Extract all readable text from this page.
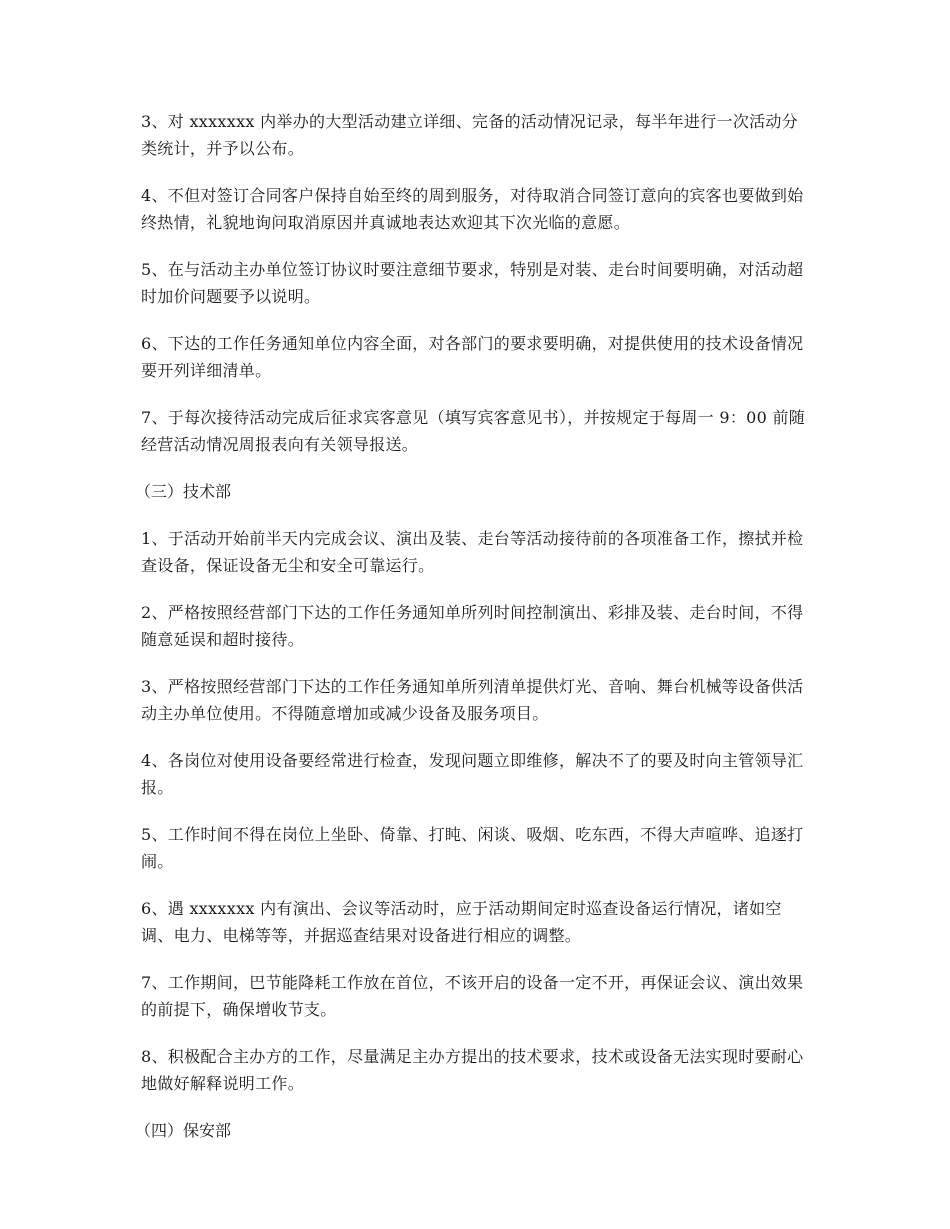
3、对 xxxxxxx 内举办的大型活动建立详细、完备的活动情况记录，每半年进行一次活动分类统计，并予以公布。

4、不但对签订合同客户保持自始至终的周到服务，对待取消合同签订意向的宾客也要做到始终热情，礼貌地询问取消原因并真诚地表达欢迎其下次光临的意愿。

5、在与活动主办单位签订协议时要注意细节要求，特别是对装、走台时间要明确，对活动超时加价问题要予以说明。

6、下达的工作任务通知单位内容全面，对各部门的要求要明确，对提供使用的技术设备情况要开列详细清单。

7、于每次接待活动完成后征求宾客意见（填写宾客意见书），并按规定于每周一 9：00 前随经营活动情况周报表向有关领导报送。

（三）技术部

1、于活动开始前半天内完成会议、演出及装、走台等活动接待前的各项准备工作，擦拭并检查设备，保证设备无尘和安全可靠运行。

2、严格按照经营部门下达的工作任务通知单所列时间控制演出、彩排及装、走台时间，不得随意延误和超时接待。

3、严格按照经营部门下达的工作任务通知单所列清单提供灯光、音响、舞台机械等设备供活动主办单位使用。不得随意增加或减少设备及服务项目。

4、各岗位对使用设备要经常进行检查，发现问题立即维修，解决不了的要及时向主管领导汇报。

5、工作时间不得在岗位上坐卧、倚靠、打盹、闲谈、吸烟、吃东西，不得大声喧哗、追逐打闹。

6、遇 xxxxxxx 内有演出、会议等活动时，应于活动期间定时巡查设备运行情况，诸如空调、电力、电梯等等，并据巡查结果对设备进行相应的调整。

7、工作期间，巴节能降耗工作放在首位，不该开启的设备一定不开，再保证会议、演出效果的前提下，确保增收节支。

8、积极配合主办方的工作，尽量满足主办方提出的技术要求，技术或设备无法实现时要耐心地做好解释说明工作。

（四）保安部
